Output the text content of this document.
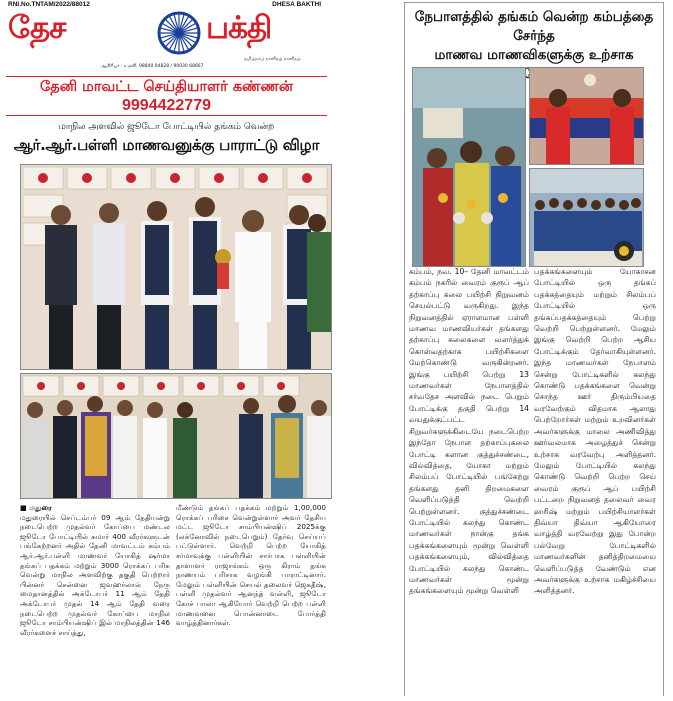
RNI.No.TNTAM/2022/88012	DHESA BAKTHI
தேச	பக்தி
தமிழ்நாடு நாளிதழ் நாளிதழ்
ஆசிரியர் : உதவி. 98840 04828 / 90030 68667
தேனி மாவட்ட செய்தியாளர் கண்ணன்
9994422779
மாநில அளவில் ஜூடோ போட்டியில் தங்கம் வென்ற
ஆர்.ஆர்.பள்ளி மாணவனுக்கு பாராட்டு விழா
■ மதுரை
மதுரையில் செப்டம்பர் 09 ஆம் தேதியன்று நடைபெற்ற முதல்வர் கோப்பை மண்டல ஜூடோ போட்டியில் சுமார் 400 வீரர்களுடன் பங்கேற்றனர் அதில் தேனி மாவட்டம் கம்பம் ஆர்.ஆர்.பள்ளி மாணவர் யோகித் ஷர்மா தங்கப் பதக்கம் மற்றும் 3000 ரொக்கப் பரிசு வென்று மாநில அளவிற்கு தகுதி பெற்றார் பின்னர் சென்னை ஜவஹர்லால் நேரு மைதானத்தில் அக்டோபர் 11 ஆம் தேதி அக்டோபர் முதல் 14 ஆம் தேதி வரை நடைபெற்ற முதல்வர் கோப்பை மாநில ஜூடோ சாம்பியன்ஷிப் இல் மாநிலத்தின் 146 வீரர்களைச் சாய்த்து,
மீண்டும் தங்கப் பதக்கம் மற்றும் 1,00,000 ரொக்கப் பரிசை வென்றுள்ளார் அவர் தேசிய மட்ட ஜூடோ சாம்பியன்ஷிப் 2025க்கு (லக்னோவில் நடைபெறும்) தேர்வு செய்யப் பட்டுள்ளார். வெற்றி பெற்ற யோகித் சர்மாவுக்கு பள்ளியின் சார்பாக பள்ளியின் தாளாளர் ராஜாங்கம் ஒரு கிராம் தங்க நாணயம் பரிசாக வழங்கி பாராட்டினார். மேலும் பள்ளியின் செயல் தலைவர் ஜெகதீஷ், பள்ளி முதல்வர் ஆனந்த் வள்ளி, ஜூடோ கோச் பாலா ஆகியோர் வெற்றி பெற்ற பள்ளி மாணவனை பொன்னாடை போர்த்தி வாழ்த்தினார்கள்.
நேபாளத்தில் தங்கம் வென்ற கம்பத்தை சேர்ந்த
மாணவ மாணவிகளுக்கு உற்சாக
கம்பம், நவ. 10– தேனி மாவட்டம் கம்பம் நகரில் வைரம் குரூப் ஆப் தற்காப்பு கலை பயிற்சி நிறுவனம் செயல்பட்டு வருகிறது. இந்த நிறுவனத்தில் ஏராளமான பள்ளி மாணவ மாணவியர்கள் தங்களது தற்காப்பு கலைகளை வளர்த்துக் கொள்வதற்காக பயிற்சிகளை மேற்கொண்டு வருகின்றனர். இங்கு பயிற்சி பெற்று 13 மாணவர்கள் நேபாளத்தில் சர்வதேச அளவில் நடை பெறும் போட்டிக்கு தகுதி பெற்று 14 வயதுக்குட்பட்ட சிறுவர்களுக்கிடையே நடைபெற்ற இந்தோ நேபாள தற்காப்புகலை போட்டி களான குத்துச்சண்டை, வில்வித்தை, யோகா மற்றும் சிலம்பப் போட்டியில் பங்கேற்று தங்களது தனி திறமைகளை வெளிப்படுத்தி வெற்றி பெற்றுள்ளனர். குத்துச்சண்டை போட்டியில் கலந்து கொண்ட மாணவர்கள் நான்கு தங்க பதக்கங்களையும் மூன்று வெள்ளி பதக்கங்களையும், வில்வித்தை போட்டியில் கலந்து கொண்ட மாணவர்கள் மூன்று தங்கங்களையும் மூன்று வெள்ளி
பதக்கங்களையும் யோகாசன போட்டியில் ஒரு தங்கப் பதக்கத்தையும் மற்றும் சிலம்பப் போட்டியில் ஒரு தங்கப்பதக்கத்தையும் பெற்று வெற்றி பெற்றுள்ளனர். மேலும் இங்கு வெற்றி பெற்ற ஆசிய போட்டிக்கும் தேர்வாகியுள்ளனர். இந்த மாணவர்கள் நேபாளம் சென்று போட்டிகளில் கலந்து கொண்டு பதக்கங்களை வென்று சொந்த ஊர் திரும்பியதை வரவேற்கும் விதமாக ஆலாது பெற்றோர்கள் மற்றும் உறவினர்கள் அவர்களுக்கு மாலை அணிவித்து ஊர்வலமாக அழைத்துச் சென்று உற்சாக வரவேற்பு அளித்தனர். மேலும் போட்டியில் கலந்து கொண்டு வெற்றி பெற்ற செய் வைரம் குரூப் ஆப் பயிற்சி பட்டறை நிறுவனத் தலைவர் வைர ஹரிஷ் மற்றும் பயிற்சியாளர்கள் திவ்யா திவ்யா ஆகியோரை வாழ்த்தி வரவேற்று இது போன்ற பல்வேறு போட்டிகளில் மாணவர்களின் தனித்திறமையை வெளிப்படுத்த வேண்டும் என அவர்களுக்கு உற்சாக மகிழ்ச்சியை அளித்தனர்.
